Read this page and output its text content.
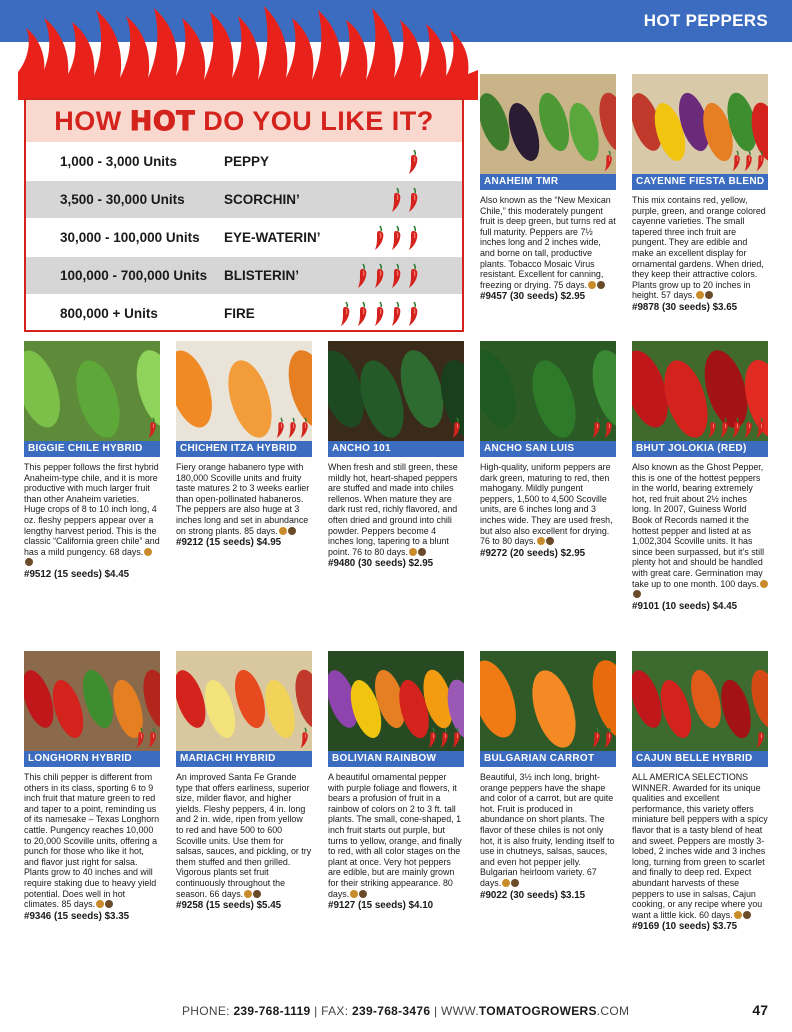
HOT PEPPERS
HOW HOT DO YOU LIKE IT?
1,000 - 3,000 Units	PEPPY
3,500 - 30,000 Units	SCORCHIN’
30,000 - 100,000 Units EYE-WATERIN’
100,000 - 700,000 Units BLISTERIN’
800,000 + Units	FIRE
ANAHEIM TMR
Also known as the “New Mexican Chile,” this moderately pungent fruit is deep green, but turns red at full maturity. Peppers are 7½ inches long and 2 inches wide, and borne on tall, productive plants. Tobacco Mosaic Virus resistant. Excellent for canning, freezing or drying. 75 days.
#9457 (30 seeds) $2.95
CAYENNE FIESTA BLEND
This mix contains red, yellow, purple, green, and orange colored cayenne varieties. The small tapered three inch fruit are pungent. They are edible and make an excellent display for ornamental gardens. When dried, they keep their attractive colors. Plants grow up to 20 inches in height. 57 days.
#9878 (30 seeds) $3.65
BIGGIE CHILE HYBRID
This pepper follows the first hybrid Anaheim-type chile, and it is more productive with much larger fruit than other Anaheim varieties. Huge crops of 8 to 10 inch long, 4 oz. fleshy peppers appear over a lengthy harvest period. This is the classic “California green chile” and has a mild pungency. 68 days.
#9512 (15 seeds) $4.45
CHICHEN ITZA HYBRID
Fiery orange habanero type with 180,000 Scoville units and fruity taste matures 2 to 3 weeks earlier than open-pollinated habaneros. The peppers are also huge at 3 inches long and set in abundance on strong plants. 85 days.
#9212 (15 seeds) $4.95
ANCHO 101
When fresh and still green, these mildly hot, heart-shaped peppers are stuffed and made into chiles rellenos. When mature they are dark rust red, richly flavored, and often dried and ground into chili powder. Peppers become 4 inches long, tapering to a blunt point. 76 to 80 days.
#9480 (30 seeds) $2.95
ANCHO SAN LUIS
High-quality, uniform peppers are dark green, maturing to red, then mahogany. Mildly pungent peppers, 1,500 to 4,500 Scoville units, are 6 inches long and 3 inches wide. They are used fresh, but also also excellent for drying. 76 to 80 days.
#9272 (20 seeds) $2.95
BHUT JOLOKIA (RED)
Also known as the Ghost Pepper, this is one of the hottest peppers in the world, bearing extremely hot, red fruit about 2½ inches long. In 2007, Guiness World Book of Records named it the hottest pepper and listed at as 1,002,304 Scoville units. It has since been surpassed, but it’s still plenty hot and should be handled with great care. Germination may take up to one month. 100 days.
#9101 (10 seeds) $4.45
LONGHORN HYBRID
This chili pepper is different from others in its class, sporting 6 to 9 inch fruit that mature green to red and taper to a point, reminding us of its namesake – Texas Longhorn cattle. Pungency reaches 10,000 to 20,000 Scoville units, offering a punch for those who like it hot, and flavor just right for salsa. Plants grow to 40 inches and will require staking due to heavy yield potential. Does well in hot climates. 85 days.
#9346 (15 seeds) $3.35
MARIACHI HYBRID
An improved Santa Fe Grande type that offers earliness, superior size, milder flavor, and higher yields. Fleshy peppers, 4 in. long and 2 in. wide, ripen from yellow to red and have 500 to 600 Scoville units. Use them for salsas, sauces, and pickling, or try them stuffed and then grilled. Vigorous plants set fruit continuously throughout the season. 66 days.
#9258 (15 seeds) $5.45
BOLIVIAN RAINBOW
A beautiful ornamental pepper with purple foliage and flowers, it bears a profusion of fruit in a rainbow of colors on 2 to 3 ft. tall plants. The small, cone-shaped, 1 inch fruit starts out purple, but turns to yellow, orange, and finally to red, with all color stages on the plant at once. Very hot peppers are edible, but are mainly grown for their striking appearance. 80 days.
#9127 (15 seeds) $4.10
BULGARIAN CARROT
Beautiful, 3½ inch long, bright-orange peppers have the shape and color of a carrot, but are quite hot. Fruit is produced in abundance on short plants. The flavor of these chiles is not only hot, it is also fruity, lending itself to use in chutneys, salsas, sauces, and even hot pepper jelly. Bulgarian heirloom variety. 67 days.
#9022 (30 seeds) $3.15
CAJUN BELLE HYBRID
ALL AMERICA SELECTIONS WINNER. Awarded for its unique qualities and excellent performance, this variety offers miniature bell peppers with a spicy flavor that is a tasty blend of heat and sweet. Peppers are mostly 3-lobed, 2 inches wide and 3 inches long, turning from green to scarlet and finally to deep red. Expect abundant harvests of these peppers to use in salsas, Cajun cooking, or any recipe where you want a little kick. 60 days.
#9169 (10 seeds) $3.75
PHONE: 239-768-1119 | FAX: 239-768-3476 | WWW.TOMATOGROWERS.COM	47
